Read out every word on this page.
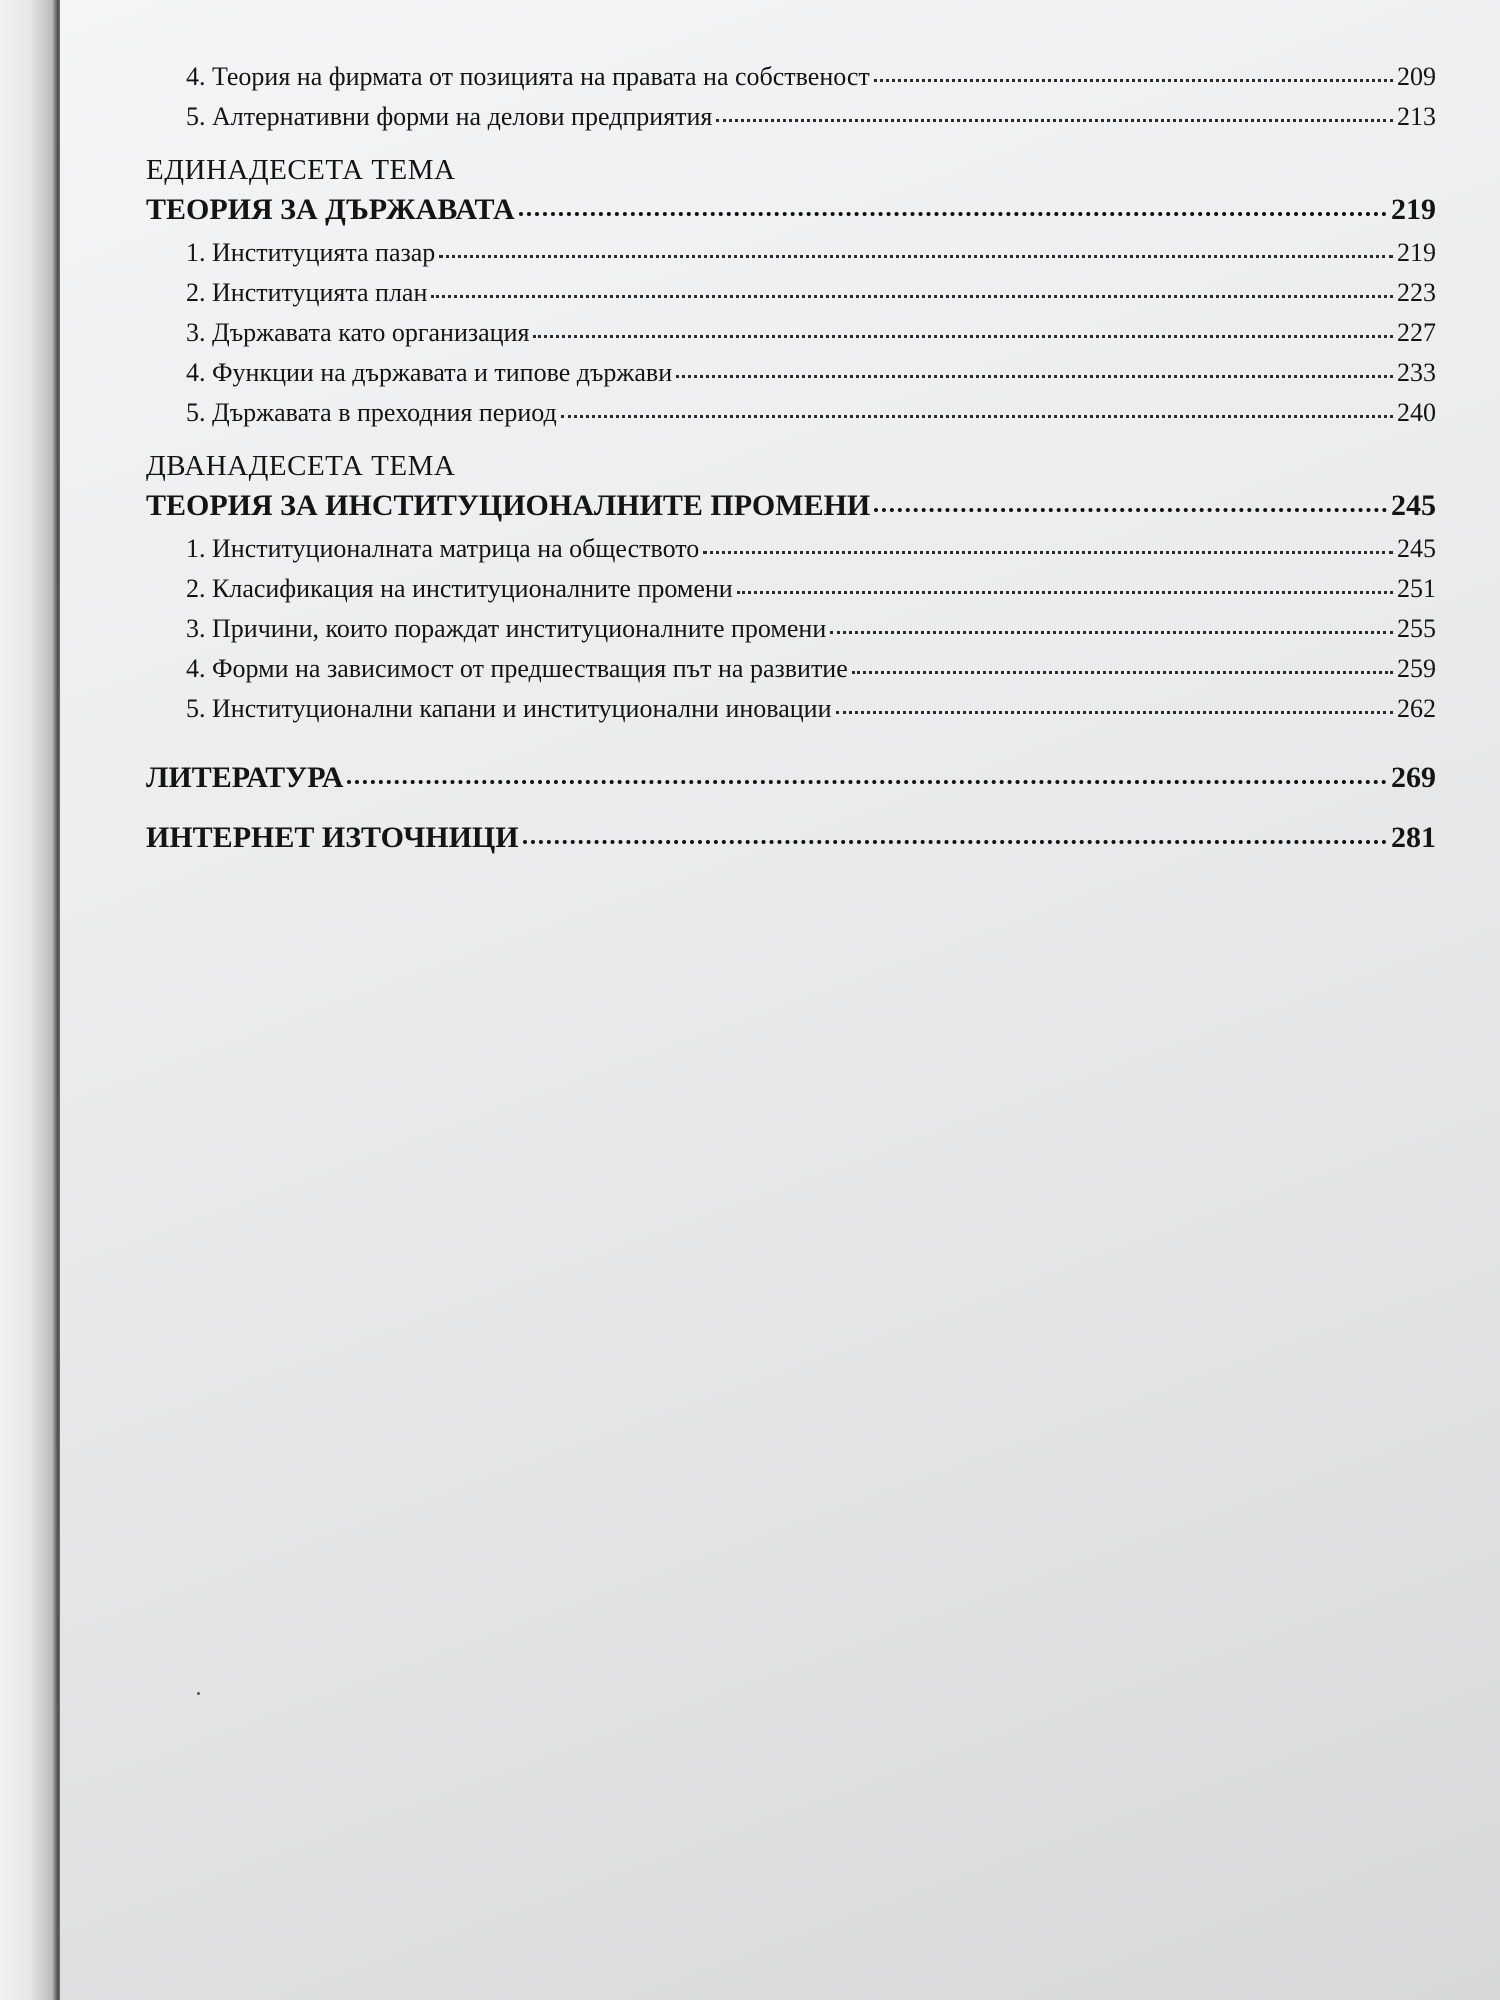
4. Теория на фирмата от позицията на правата на собственост	209
5. Алтернативни форми на делови предприятия	213
ЕДИНАДЕСЕТА ТЕМА
ТЕОРИЯ ЗА ДЪРЖАВАТА	219
1. Институцията пазар	219
2. Институцията план	223
3. Държавата като организация	227
4. Функции на държавата и типове държави	233
5. Държавата в преходния период	240
ДВАНАДЕСЕТА ТЕМА
ТЕОРИЯ ЗА ИНСТИТУЦИОНАЛНИТЕ ПРОМЕНИ	245
1. Институционалната матрица на обществото	245
2. Класификация на институционалните промени	251
3. Причини, които пораждат институционалните промени	255
4. Форми на зависимост от предшестващия път на развитие	259
5. Институционални капани и институционални иновации	262
ЛИТЕРАТУРА	269
ИНТЕРНЕТ ИЗТОЧНИЦИ	281
